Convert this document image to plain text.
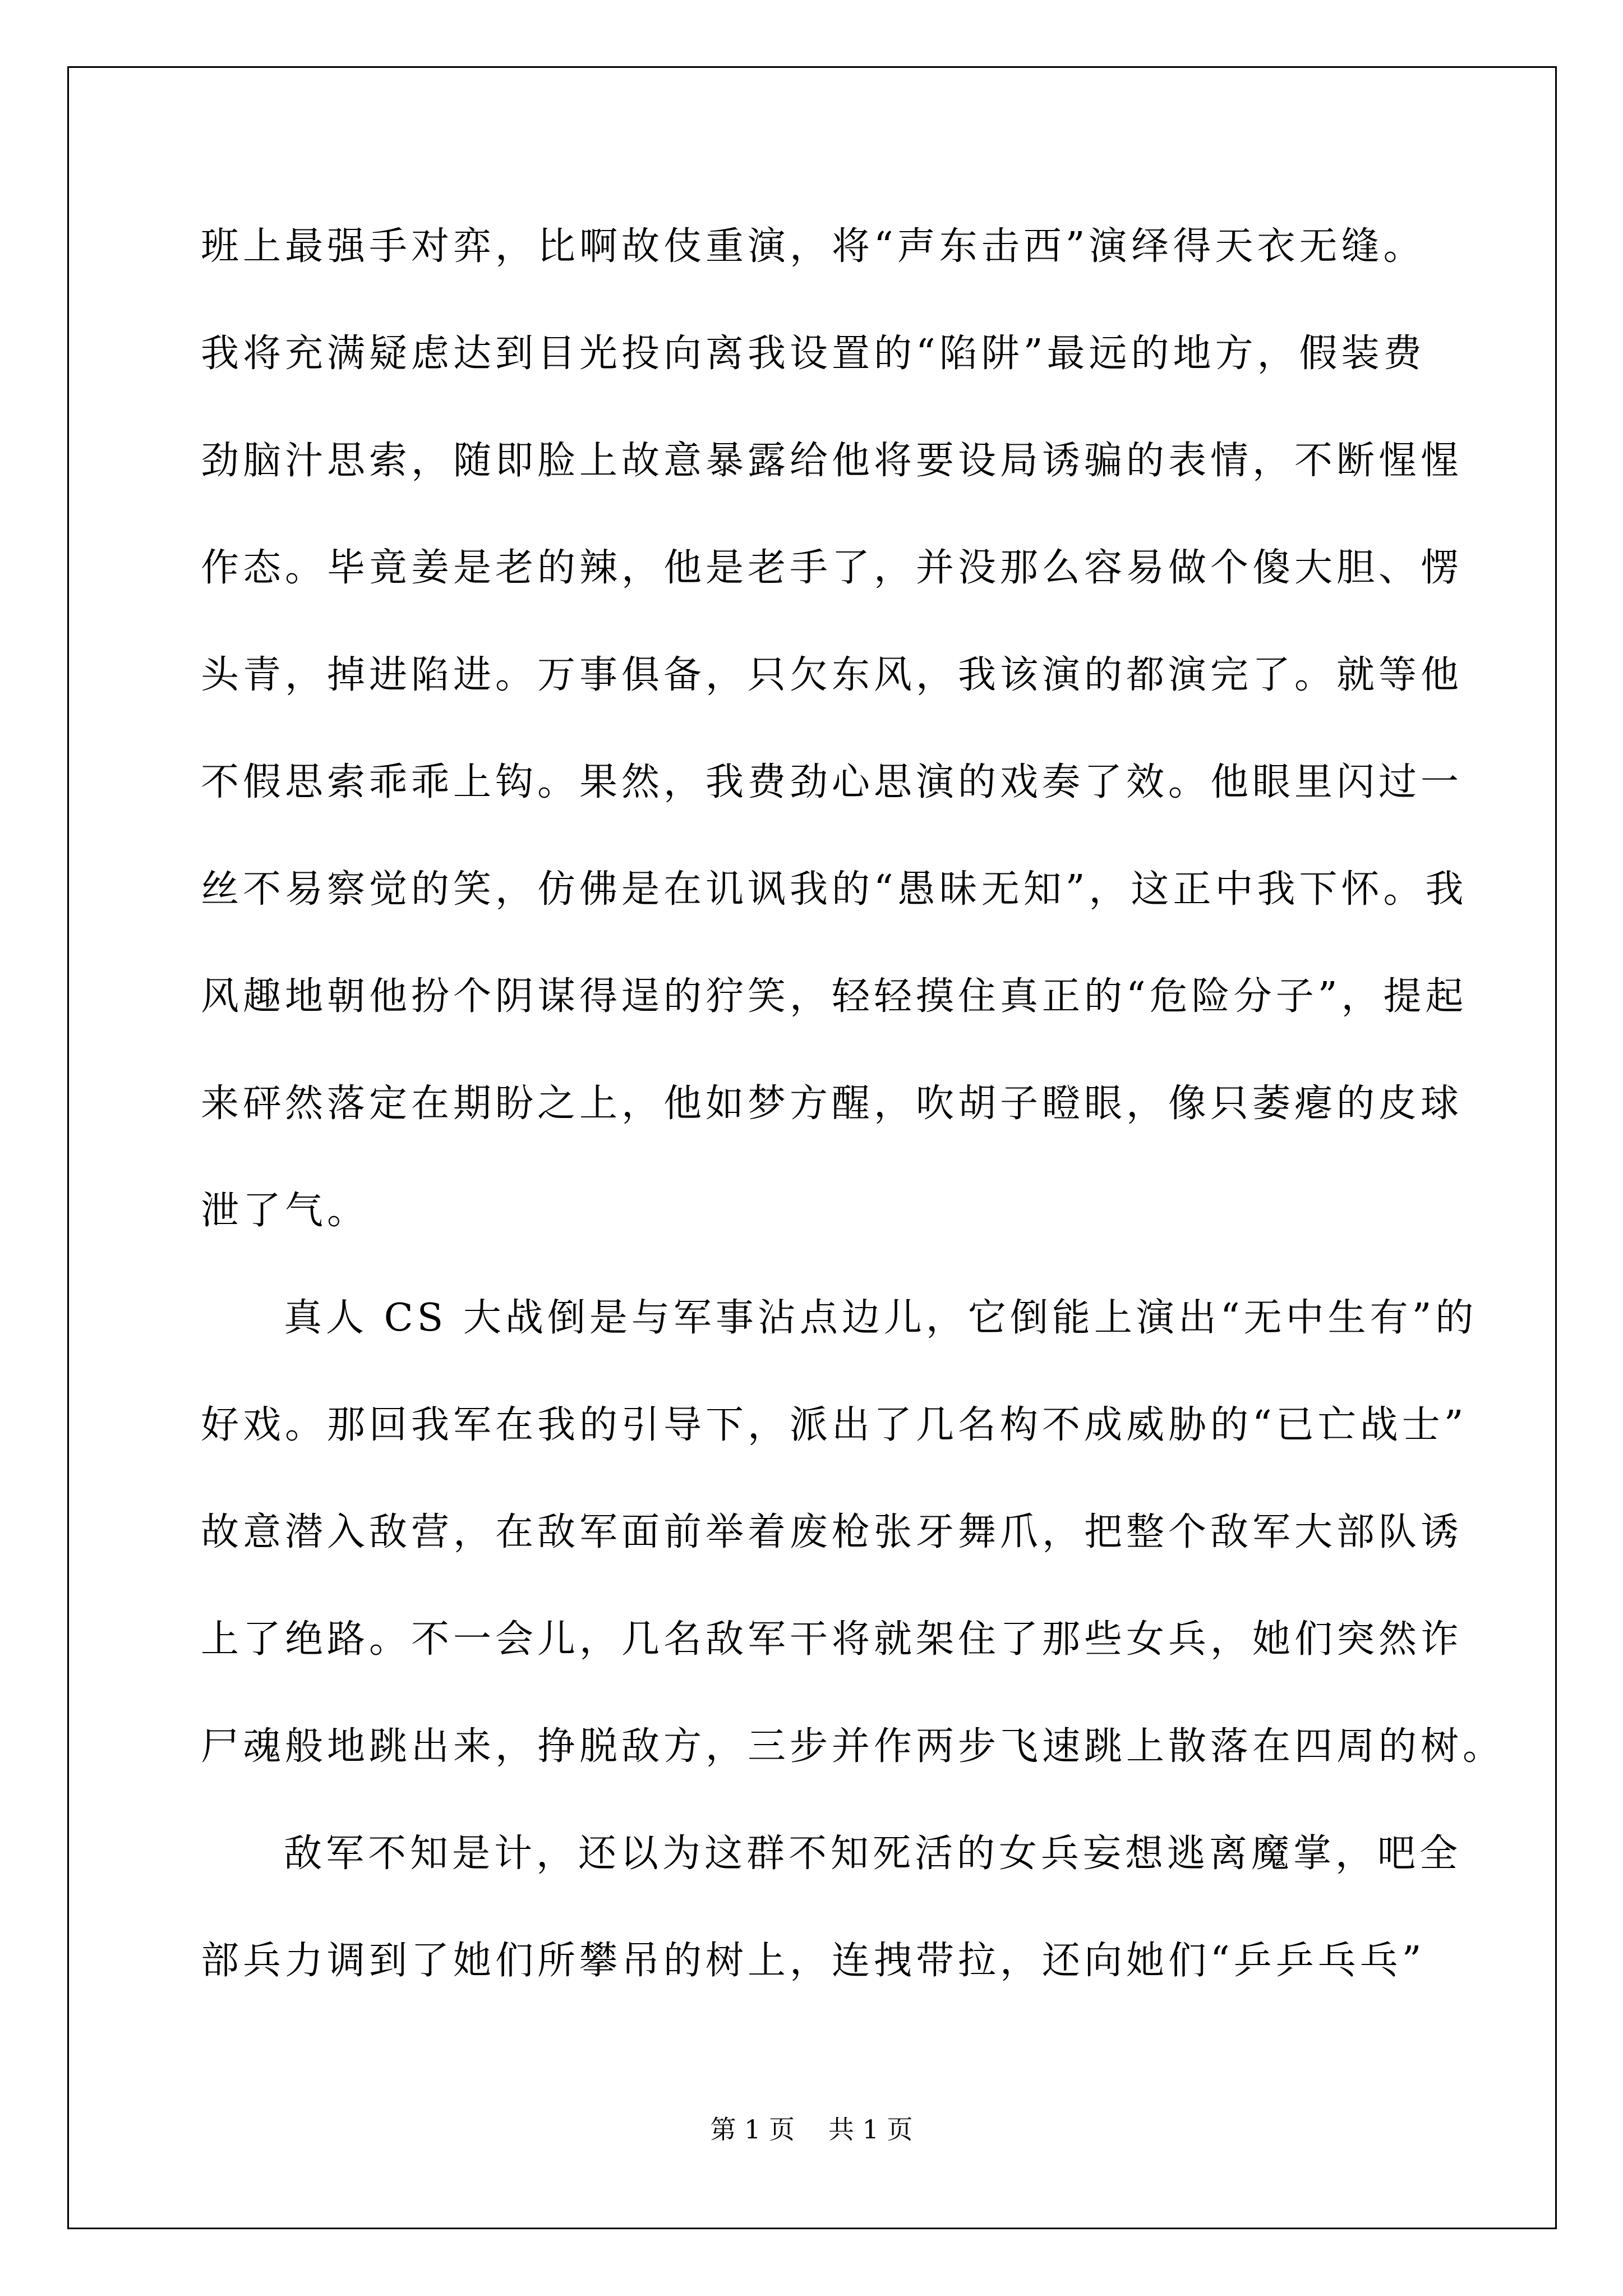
班上最强手对弈，比啊故伎重演，将“声东击西”演绎得天衣无缝。
我将充满疑虑达到目光投向离我设置的“陷阱”最远的地方，假装费
劲脑汁思索，随即脸上故意暴露给他将要设局诱骗的表情，不断惺惺
作态。毕竟姜是老的辣，他是老手了，并没那么容易做个傻大胆、愣
头青，掉进陷进。万事俱备，只欠东风，我该演的都演完了。就等他
不假思索乖乖上钩。果然，我费劲心思演的戏奏了效。他眼里闪过一
丝不易察觉的笑，仿佛是在讥讽我的“愚昧无知”，这正中我下怀。我
风趣地朝他扮个阴谋得逞的狞笑，轻轻摸住真正的“危险分子”，提起
来砰然落定在期盼之上，他如梦方醒，吹胡子瞪眼，像只萎瘪的皮球
泄了气。
真人 CS 大战倒是与军事沾点边儿，它倒能上演出“无中生有”的
好戏。那回我军在我的引导下，派出了几名构不成威胁的“已亡战士”
故意潜入敌营，在敌军面前举着废枪张牙舞爪，把整个敌军大部队诱
上了绝路。不一会儿，几名敌军干将就架住了那些女兵，她们突然诈
尸魂般地跳出来，挣脱敌方，三步并作两步飞速跳上散落在四周的树。
敌军不知是计，还以为这群不知死活的女兵妄想逃离魔掌，吧全
部兵力调到了她们所攀吊的树上，连拽带拉，还向她们“乒乒乓乓”
第 1 页 共 1 页
